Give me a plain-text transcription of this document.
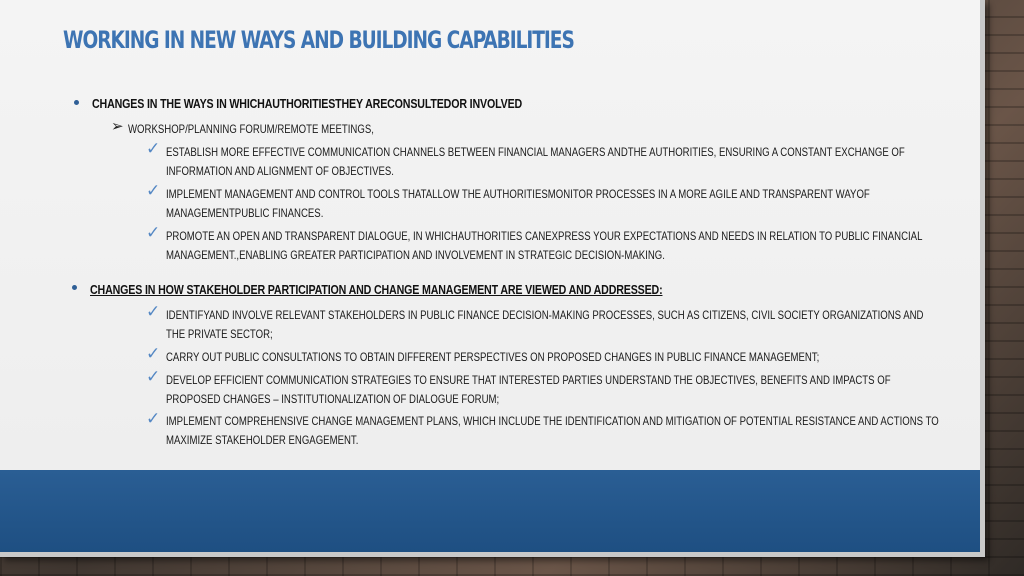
WORKING IN NEW WAYS AND BUILDING CAPABILITIES
CHANGES IN THE WAYS IN WHICHAUTHORITIESTHEY ARECONSULTEDOR INVOLVED
➢ WORKSHOP/PLANNING FORUM/REMOTE MEETINGS,
✓ ESTABLISH MORE EFFECTIVE COMMUNICATION CHANNELS BETWEEN FINANCIAL MANAGERS ANDTHE AUTHORITIES, ENSURING A CONSTANT EXCHANGE OF INFORMATION AND ALIGNMENT OF OBJECTIVES.
✓ IMPLEMENT MANAGEMENT AND CONTROL TOOLS THATALLOW THE AUTHORITIESMONITOR PROCESSES IN A MORE AGILE AND TRANSPARENT WAYOF MANAGEMENTPUBLIC FINANCES.
✓ PROMOTE AN OPEN AND TRANSPARENT DIALOGUE, IN WHICHAUTHORITIES CANEXPRESS YOUR EXPECTATIONS AND NEEDS IN RELATION TO PUBLIC FINANCIAL MANAGEMENT.,ENABLING GREATER PARTICIPATION AND INVOLVEMENT IN STRATEGIC DECISION-MAKING.
CHANGES IN HOW STAKEHOLDER PARTICIPATION AND CHANGE MANAGEMENT ARE VIEWED AND ADDRESSED:
✓ IDENTIFYAND INVOLVE RELEVANT STAKEHOLDERS IN PUBLIC FINANCE DECISION-MAKING PROCESSES, SUCH AS CITIZENS, CIVIL SOCIETY ORGANIZATIONS AND THE PRIVATE SECTOR;
✓ CARRY OUT PUBLIC CONSULTATIONS TO OBTAIN DIFFERENT PERSPECTIVES ON PROPOSED CHANGES IN PUBLIC FINANCE MANAGEMENT;
✓ DEVELOP EFFICIENT COMMUNICATION STRATEGIES TO ENSURE THAT INTERESTED PARTIES UNDERSTAND THE OBJECTIVES, BENEFITS AND IMPACTS OF PROPOSED CHANGES – INSTITUTIONALIZATION OF DIALOGUE FORUM;
✓ IMPLEMENT COMPREHENSIVE CHANGE MANAGEMENT PLANS, WHICH INCLUDE THE IDENTIFICATION AND MITIGATION OF POTENTIAL RESISTANCE AND ACTIONS TO MAXIMIZE STAKEHOLDER ENGAGEMENT.
